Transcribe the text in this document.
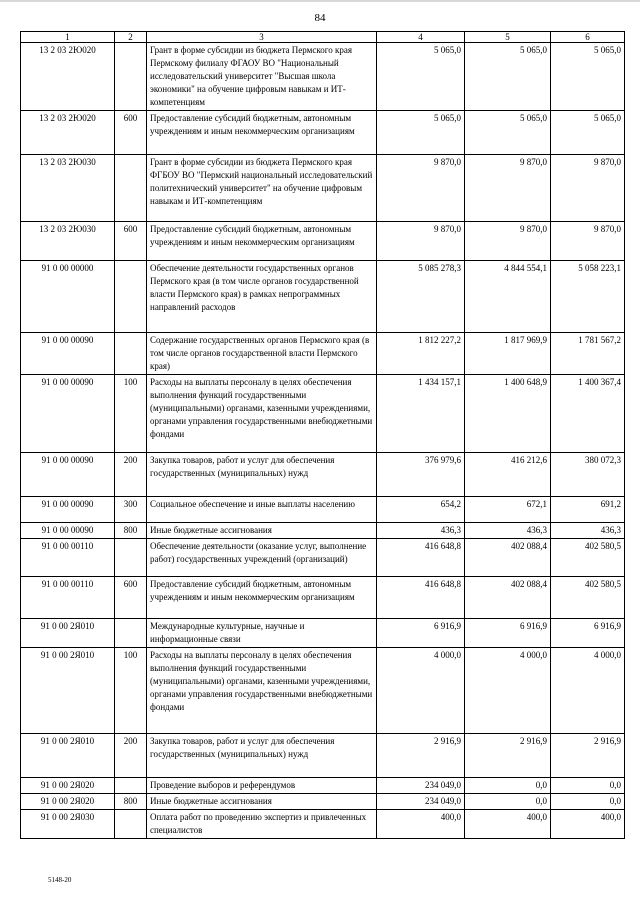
84
1	2	3	4	5	6
13 2 03 2Ю020		Грант в форме субсидии из бюджета Пермского края Пермскому филиалу ФГАОУ ВО "Национальный исследовательский университет "Высшая школа экономики" на обучение цифровым навыкам и ИТ-компетенциям	5 065,0	5 065,0	5 065,0
13 2 03 2Ю020	600	Предоставление субсидий бюджетным, автономным учреждениям и иным некоммерческим организациям	5 065,0	5 065,0	5 065,0
13 2 03 2Ю030		Грант в форме субсидии из бюджета Пермского края ФГБОУ ВО "Пермский национальный исследовательский политехнический университет" на обучение цифровым навыкам и ИТ-компетенциям	9 870,0	9 870,0	9 870,0
13 2 03 2Ю030	600	Предоставление субсидий бюджетным, автономным учреждениям и иным некоммерческим организациям	9 870,0	9 870,0	9 870,0
91 0 00 00000		Обеспечение деятельности государственных органов Пермского края (в том числе органов государственной власти Пермского края) в рамках непрограммных направлений расходов	5 085 278,3	4 844 554,1	5 058 223,1
91 0 00 00090		Содержание государственных органов Пермского края (в том числе органов государственной власти Пермского края)	1 812 227,2	1 817 969,9	1 781 567,2
91 0 00 00090	100	Расходы на выплаты персоналу в целях обеспечения выполнения функций государственными (муниципальными) органами, казенными учреждениями, органами управления государственными внебюджетными фондами	1 434 157,1	1 400 648,9	1 400 367,4
91 0 00 00090	200	Закупка товаров, работ и услуг для обеспечения государственных (муниципальных) нужд	376 979,6	416 212,6	380 072,3
91 0 00 00090	300	Социальное обеспечение и иные выплаты населению	654,2	672,1	691,2
91 0 00 00090	800	Иные бюджетные ассигнования	436,3	436,3	436,3
91 0 00 00110		Обеспечение деятельности (оказание услуг, выполнение работ) государственных учреждений (организаций)	416 648,8	402 088,4	402 580,5
91 0 00 00110	600	Предоставление субсидий бюджетным, автономным учреждениям и иным некоммерческим организациям	416 648,8	402 088,4	402 580,5
91 0 00 2Я010		Международные культурные, научные и информационные связи	6 916,9	6 916,9	6 916,9
91 0 00 2Я010	100	Расходы на выплаты персоналу в целях обеспечения выполнения функций государственными (муниципальными) органами, казенными учреждениями, органами управления государственными внебюджетными фондами	4 000,0	4 000,0	4 000,0
91 0 00 2Я010	200	Закупка товаров, работ и услуг для обеспечения государственных (муниципальных) нужд	2 916,9	2 916,9	2 916,9
91 0 00 2Я020		Проведение выборов и референдумов	234 049,0	0,0	0,0
91 0 00 2Я020	800	Иные бюджетные ассигнования	234 049,0	0,0	0,0
91 0 00 2Я030		Оплата работ по проведению экспертиз и привлеченных специалистов	400,0	400,0	400,0
5148-20
